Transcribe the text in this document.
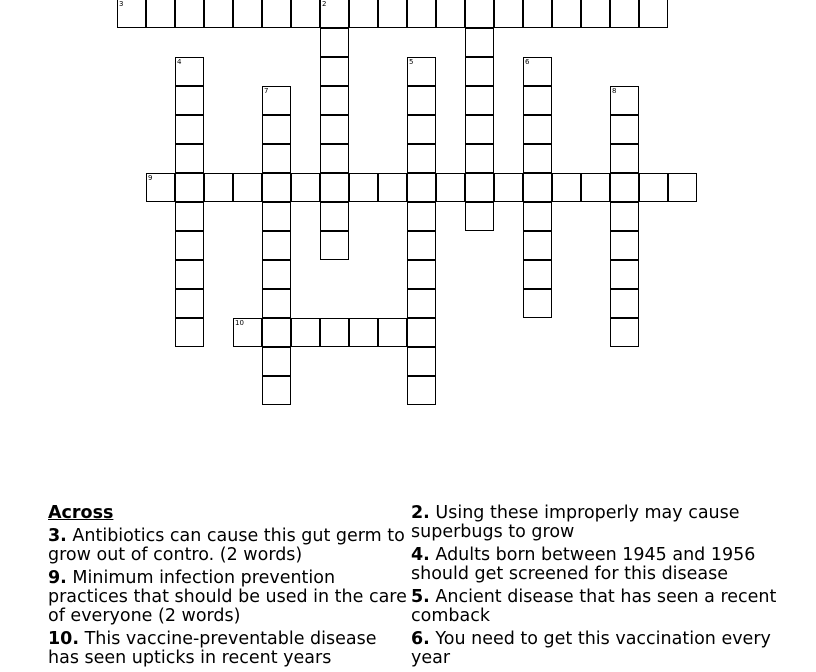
3	2
9
10
4	5	6
7	8
Across
3. Antibiotics can cause this gut germ to grow out of contro. (2 words)
9. Minimum infection prevention practices that should be used in the care of everyone (2 words)
10. This vaccine-preventable disease has seen upticks in recent years
2. Using these improperly may cause superbugs to grow
4. Adults born between 1945 and 1956 should get screened for this disease
5. Ancient disease that has seen a recent comback
6. You need to get this vaccination every year
